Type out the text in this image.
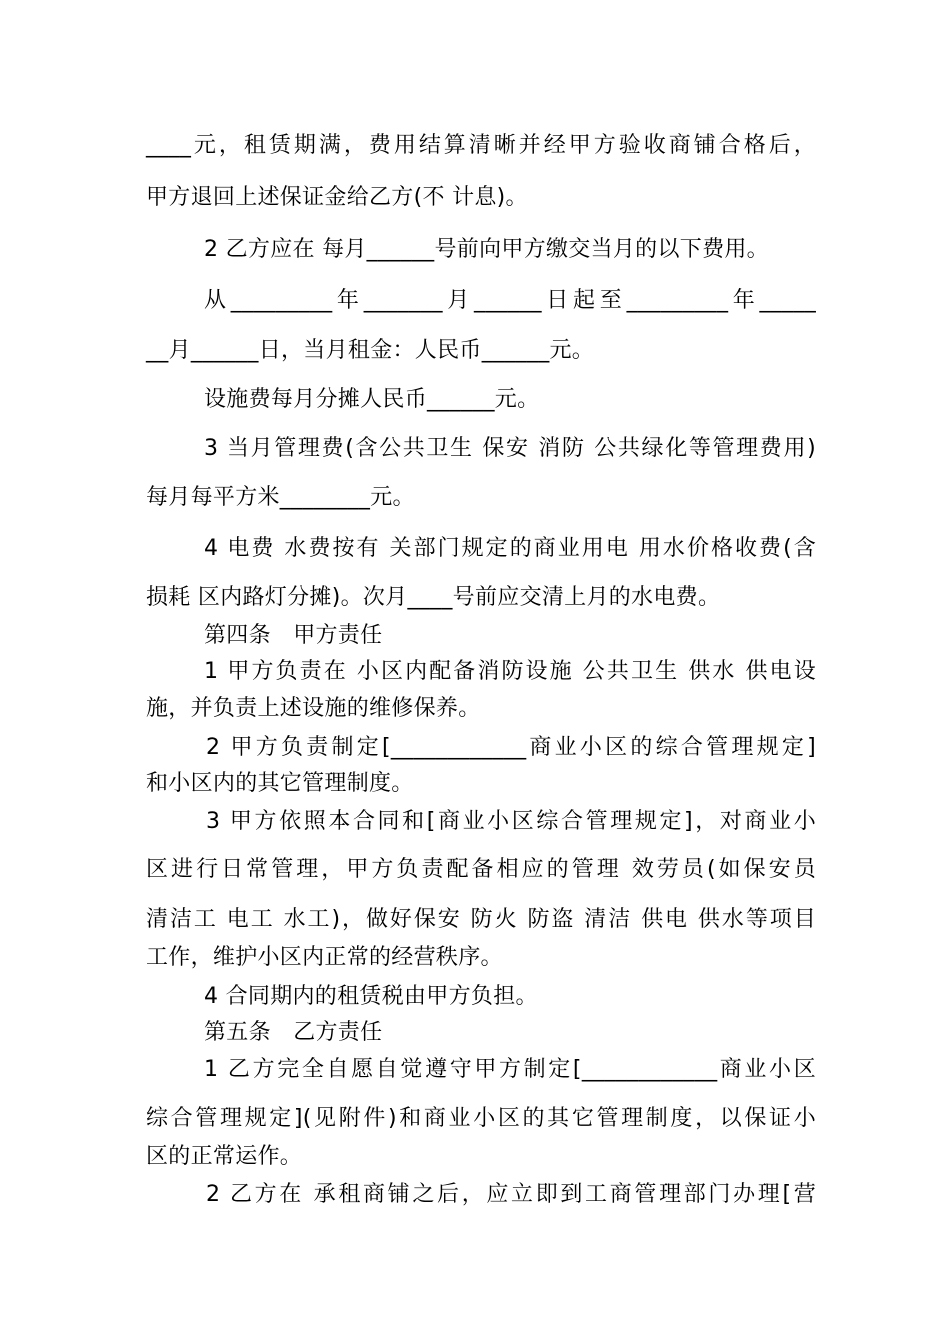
____元，租赁期满，费用结算清晰并经甲方验收商铺合格后，
甲方退回上述保证金给乙方(不 计息)。
2 乙方应在 每月______号前向甲方缴交当月的以下费用。
从_________年_______月______日起至_________年_____
__月______日，当月租金：人民币______元。
设施费每月分摊人民币______元。
3 当月管理费(含公共卫生 保安 消防 公共绿化等管理费用)
每月每平方米________元。
4 电费 水费按有 关部门规定的商业用电 用水价格收费(含
损耗 区内路灯分摊)。次月____号前应交清上月的水电费。
第四条　甲方责任
1 甲方负责在 小区内配备消防设施 公共卫生 供水 供电设
施，并负责上述设施的维修保养。
2 甲方负责制定[____________商业小区的综合管理规定]
和小区内的其它管理制度。
3 甲方依照本合同和[商业小区综合管理规定]，对商业小
区进行日常管理，甲方负责配备相应的管理 效劳员(如保安员
清洁工 电工 水工)，做好保安 防火 防盗 清洁 供电 供水等项目
工作，维护小区内正常的经营秩序。
4 合同期内的租赁税由甲方负担。
第五条　乙方责任
1 乙方完全自愿自觉遵守甲方制定[____________商业小区
综合管理规定](见附件)和商业小区的其它管理制度，以保证小
区的正常运作。
2 乙方在 承租商铺之后，应立即到工商管理部门办理[营
